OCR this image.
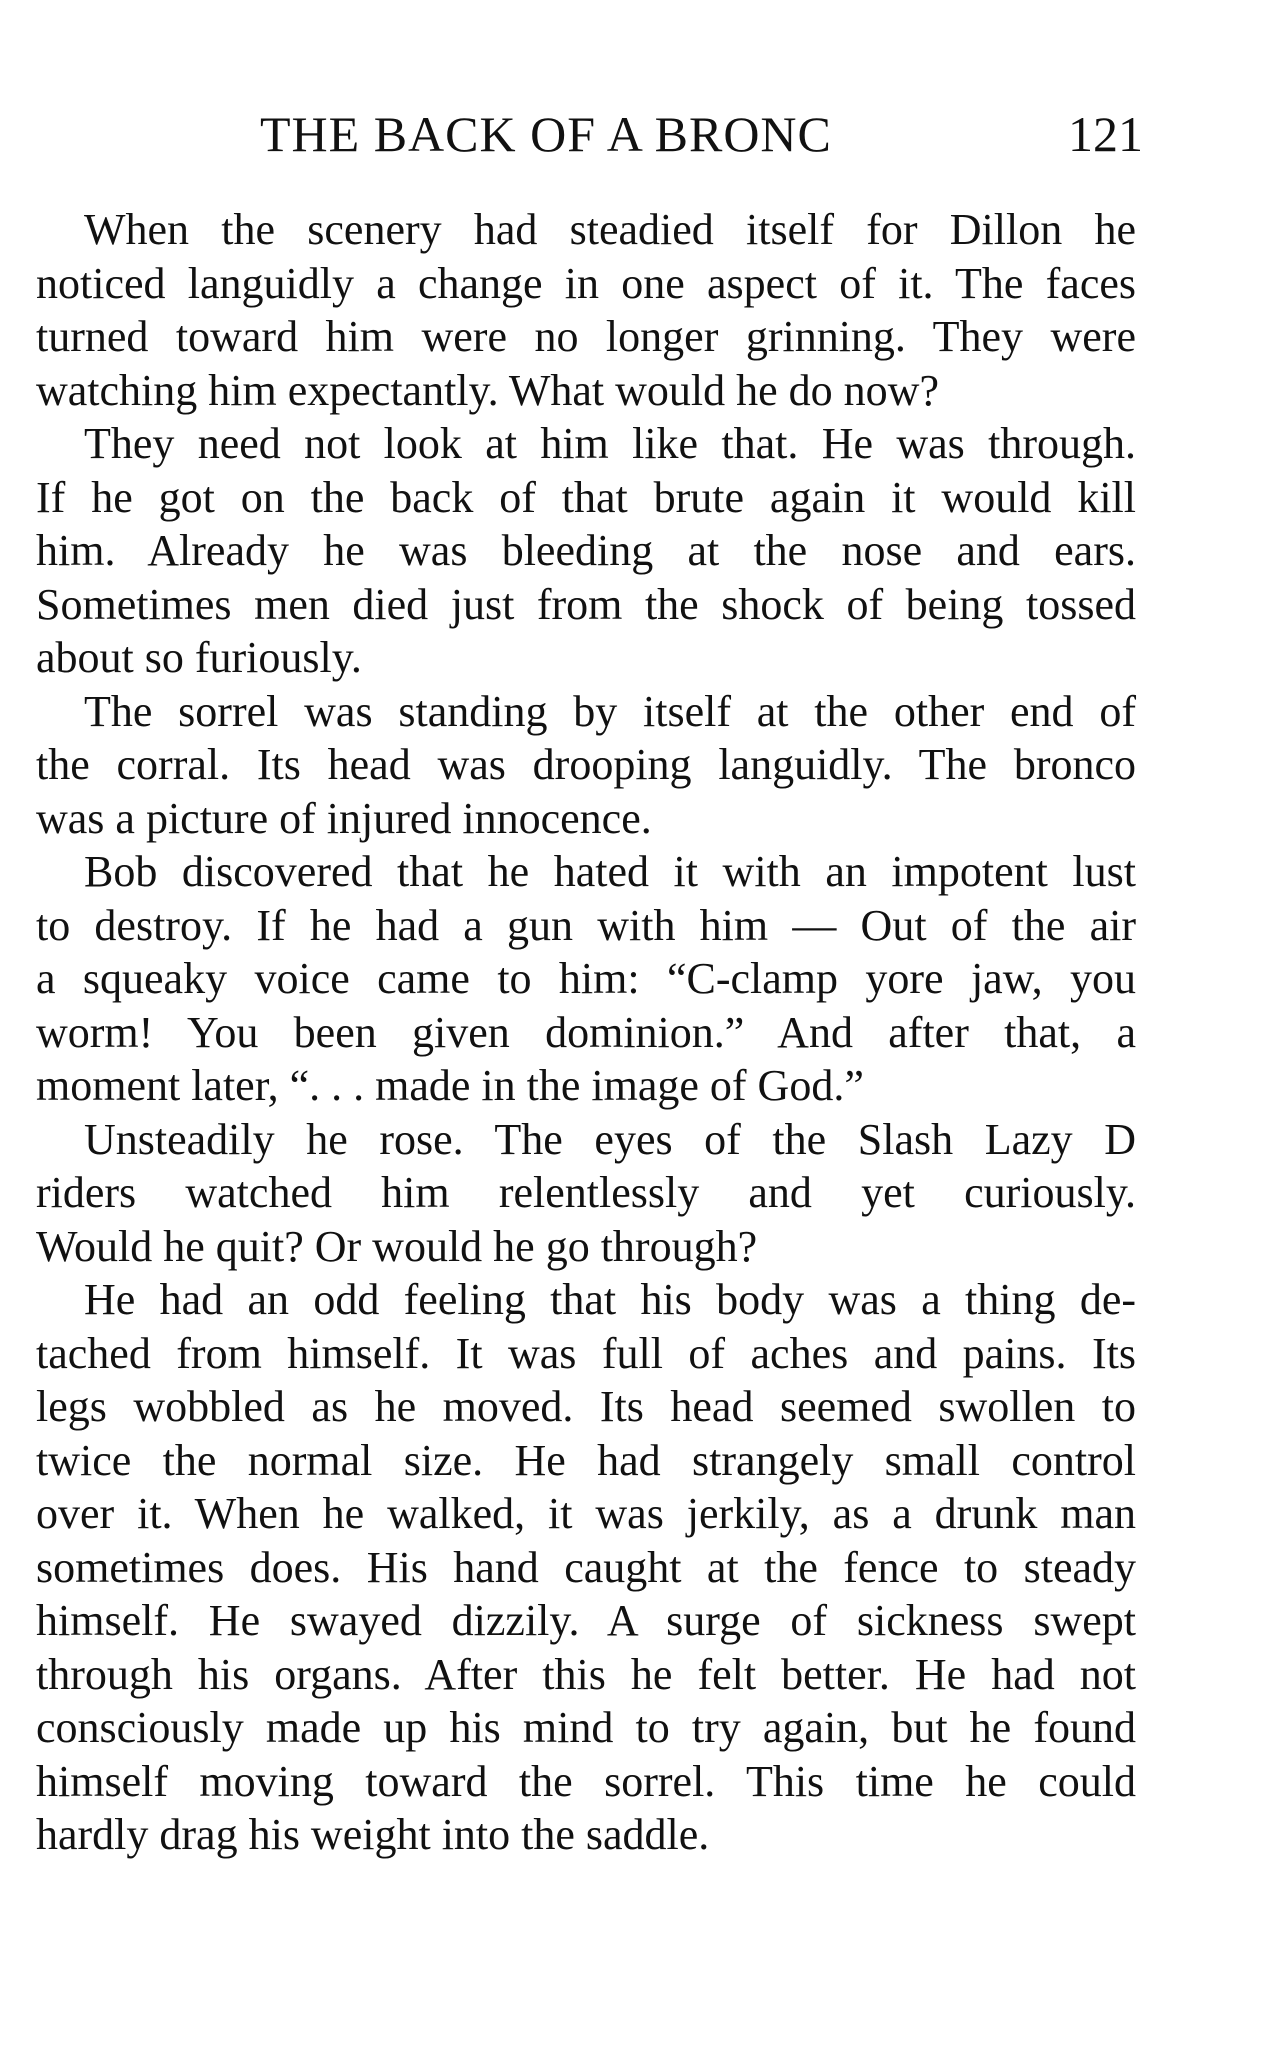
THE BACK OF A BRONC	121
When the scenery had steadied itself for Dillon he
noticed languidly a change in one aspect of it. The faces
turned toward him were no longer grinning. They were
watching him expectantly. What would he do now?
They need not look at him like that. He was through.
If he got on the back of that brute again it would kill
him. Already he was bleeding at the nose and ears.
Sometimes men died just from the shock of being tossed
about so furiously.
The sorrel was standing by itself at the other end of
the corral. Its head was drooping languidly. The bronco
was a picture of injured innocence.
Bob discovered that he hated it with an impotent lust
to destroy. If he had a gun with him — Out of the air
a squeaky voice came to him: “C-clamp yore jaw, you
worm! You been given dominion.” And after that, a
moment later, “. . . made in the image of God.”
Unsteadily he rose. The eyes of the Slash Lazy D
riders watched him relentlessly and yet curiously.
Would he quit? Or would he go through?
He had an odd feeling that his body was a thing de-
tached from himself. It was full of aches and pains. Its
legs wobbled as he moved. Its head seemed swollen to
twice the normal size. He had strangely small control
over it. When he walked, it was jerkily, as a drunk man
sometimes does. His hand caught at the fence to steady
himself. He swayed dizzily. A surge of sickness swept
through his organs. After this he felt better. He had not
consciously made up his mind to try again, but he found
himself moving toward the sorrel. This time he could
hardly drag his weight into the saddle.
